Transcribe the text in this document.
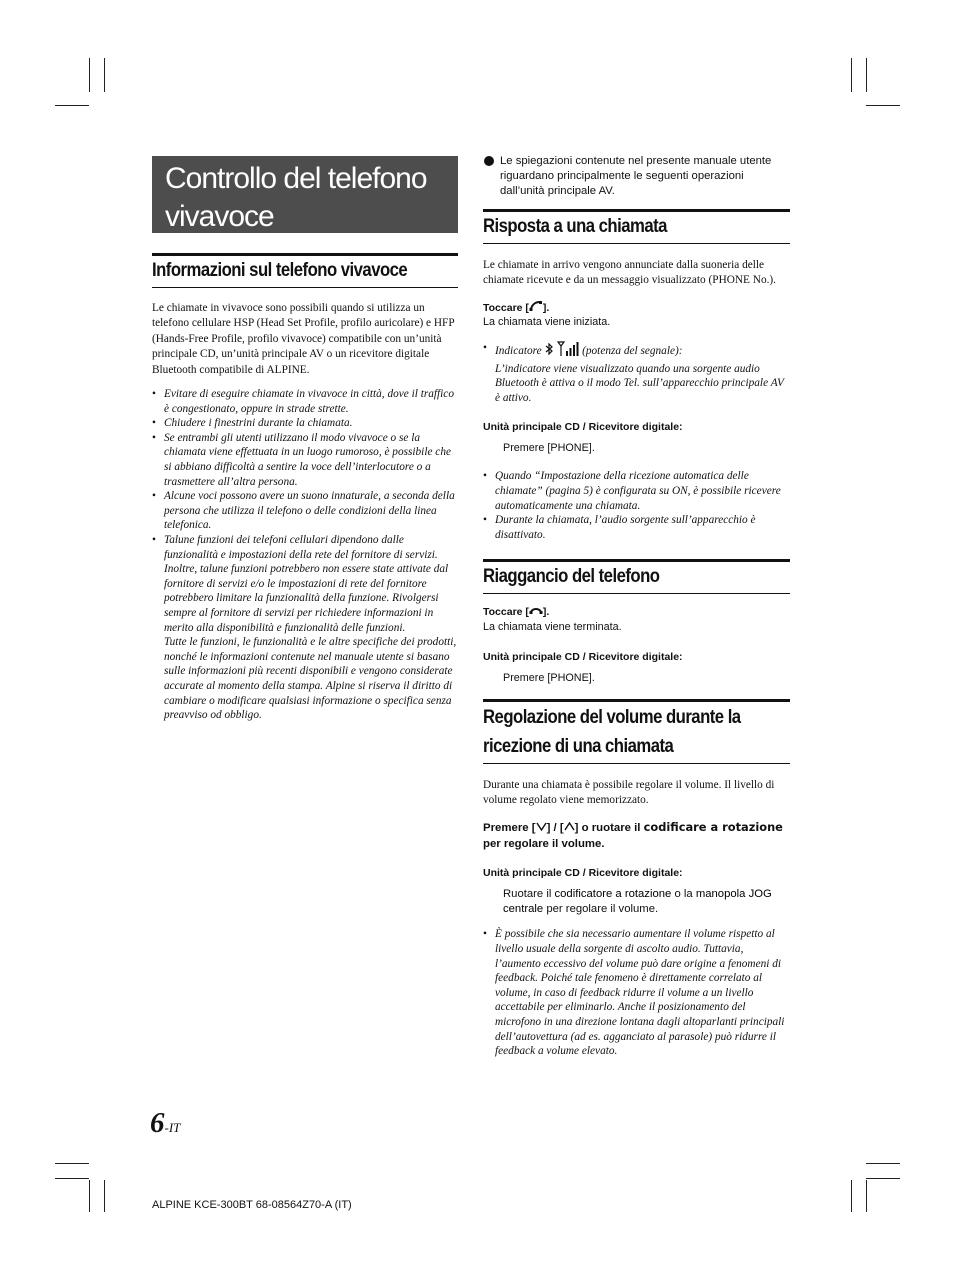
Controllo del telefono vivavoce
Informazioni sul telefono vivavoce

Le chiamate in vivavoce sono possibili quando si utilizza un telefono cellulare HSP (Head Set Profile, profilo auricolare) e HFP (Hands-Free Profile, profilo vivavoce) compatibile con un’unità principale CD, un’unità principale AV o un ricevitore digitale Bluetooth compatibile di ALPINE.

• Evitare di eseguire chiamate in vivavoce in città, dove il traffico è congestionato, oppure in strade strette.
• Chiudere i finestrini durante la chiamata.
• Se entrambi gli utenti utilizzano il modo vivavoce o se la chiamata viene effettuata in un luogo rumoroso, è possibile che si abbiano difficoltà a sentire la voce dell’interlocutore o a trasmettere all’altra persona.
• Alcune voci possono avere un suono innaturale, a seconda della persona che utilizza il telefono o delle condizioni della linea telefonica.
• Talune funzioni dei telefoni cellulari dipendono dalle funzionalità e impostazioni della rete del fornitore di servizi. Inoltre, talune funzioni potrebbero non essere state attivate dal fornitore di servizi e/o le impostazioni di rete del fornitore potrebbero limitare la funzionalità della funzione. Rivolgersi sempre al fornitore di servizi per richiedere informazioni in merito alla disponibilità e funzionalità delle funzioni.
Tutte le funzioni, le funzionalità e le altre specifiche dei prodotti, nonché le informazioni contenute nel manuale utente si basano sulle informazioni più recenti disponibili e vengono considerate accurate al momento della stampa. Alpine si riserva il diritto di cambiare o modificare qualsiasi informazione o specifica senza preavviso od obbligo.

Le spiegazioni contenute nel presente manuale utente riguardano principalmente le seguenti operazioni dall’unità principale AV.

Risposta a una chiamata

Le chiamate in arrivo vengono annunciate dalla suoneria delle chiamate ricevute e da un messaggio visualizzato (PHONE No.).

Toccare [ ].

La chiamata viene iniziata.

• Indicatore	(potenza del segnale):
L’indicatore viene visualizzato quando una sorgente audio Bluetooth è attiva o il modo Tel. sull’apparecchio principale AV è attivo.

Unità principale CD / Ricevitore digitale:

Premere [PHONE].

• Quando “Impostazione della ricezione automatica delle chiamate” (pagina 5) è configurata su ON, è possibile ricevere automaticamente una chiamata.
• Durante la chiamata, l’audio sorgente sull’apparecchio è disattivato.
Riaggancio del telefono

Toccare [ ].

La chiamata viene terminata.

Unità principale CD / Ricevitore digitale:

Premere [PHONE].

Regolazione del volume durante la
ricezione di una chiamata

Durante una chiamata è possibile regolare il volume. Il livello di volume regolato viene memorizzato.

Premere [ ] / [ ] o ruotare il codificare a rotazione per regolare il volume.

Unità principale CD / Ricevitore digitale:

Ruotare il codificatore a rotazione o la manopola JOG centrale per regolare il volume.

• È possibile che sia necessario aumentare il volume rispetto al livello usuale della sorgente di ascolto audio. Tuttavia, l’aumento eccessivo del volume può dare origine a fenomeni di feedback. Poiché tale fenomeno è direttamente correlato al volume, in caso di feedback ridurre il volume a un livello accettabile per eliminarlo. Anche il posizionamento del microfono in una direzione lontana dagli altoparlanti principali dell’autovettura (ad es. agganciato al parasole) può ridurre il feedback a volume elevato.
6-IT
ALPINE KCE-300BT 68-08564Z70-A (IT)
